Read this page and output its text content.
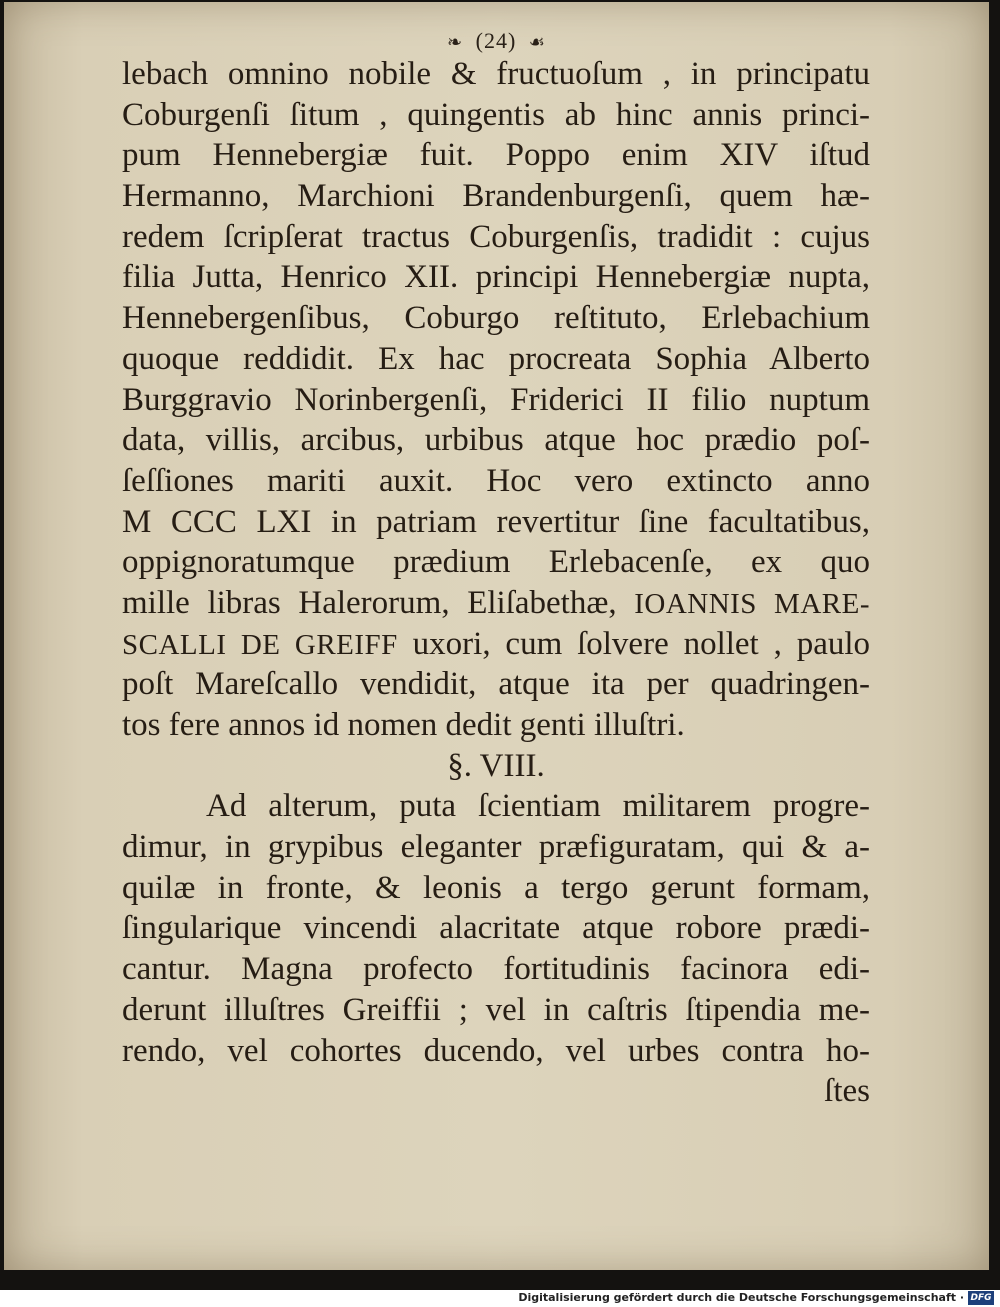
❧ (24) ☙
lebach omnino nobile & fructuoſum , in principatu
Coburgenſi ſitum , quingentis ab hinc annis princi-
pum Hennebergiæ fuit. Poppo enim XIV iſtud
Hermanno, Marchioni Brandenburgenſi, quem hæ-
redem ſcripſerat tractus Coburgenſis, tradidit : cujus
filia Jutta, Henrico XII. principi Hennebergiæ nupta,
Hennebergenſibus, Coburgo reſtituto, Erlebachium
quoque reddidit. Ex hac procreata Sophia Alberto
Burggravio Norinbergenſi, Friderici II filio nuptum
data, villis, arcibus, urbibus atque hoc prædio poſ-
ſeſſiones mariti auxit. Hoc vero extincto anno
M CCC LXI in patriam revertitur ſine facultatibus,
oppignoratumque prædium Erlebacenſe, ex quo
mille libras Halerorum, Eliſabethæ, IOANNIS MARE-
SCALLI DE GREIFF uxori, cum ſolvere nollet , paulo
poſt Mareſcallo vendidit, atque ita per quadringen-
tos fere annos id nomen dedit genti illuſtri.
§. VIII.
Ad alterum, puta ſcientiam militarem progre-
dimur, in grypibus eleganter præfiguratam, qui & a-
quilæ in fronte, & leonis a tergo gerunt formam,
ſingularique vincendi alacritate atque robore prædi-
cantur. Magna profecto fortitudinis facinora edi-
derunt illuſtres Greiffii ; vel in caſtris ſtipendia me-
rendo, vel cohortes ducendo, vel urbes contra ho-
ſtes
Digitalisierung gefördert durch die Deutsche Forschungsgemeinschaft · DFG
